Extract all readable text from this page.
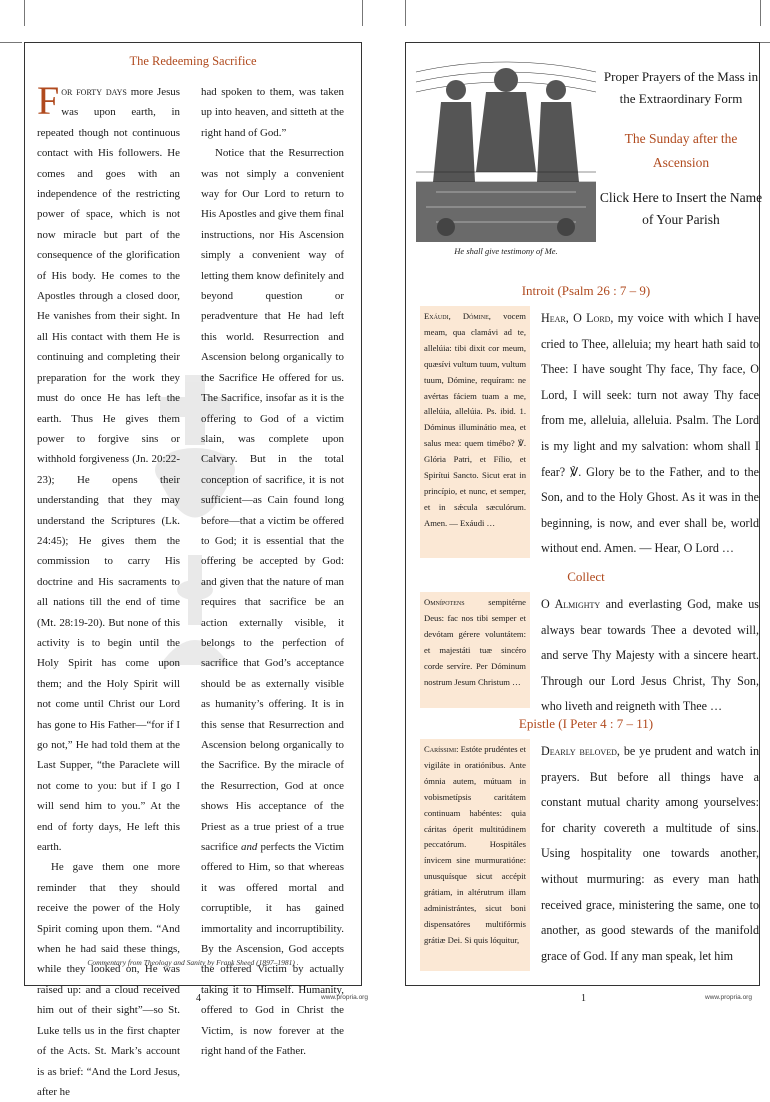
The Redeeming Sacrifice

For forty days more Jesus was upon earth, in repeated though not continuous contact with His followers. He comes and goes with an independence of the restricting power of space, which is not now miracle but part of the consequence of the glorification of His body. He comes to the Apostles through a closed door, He vanishes from their sight. In all His contact with them He is continuing and completing their preparation for the work they must do once He has left the earth. Thus He gives them power to forgive sins or withhold forgiveness (Jn. 20:22-23); He opens their understanding that they may understand the Scriptures (Lk. 24:45); He gives them the commission to carry His doctrine and His sacraments to all nations till the end of time (Mt. 28:19-20). But none of this activity is to begin until the Holy Spirit has come upon them; and the Holy Spirit will not come until Christ our Lord has gone to His Father—“for if I go not,” He had told them at the Last Supper, “the Paraclete will not come to you: but if I go I will send him to you.” At the end of forty days, He left this earth.

He gave them one more reminder that they should receive the power of the Holy Spirit coming upon them. “And when he had said these things, while they looked on, He was raised up: and a cloud received him out of their sight”—so St. Luke tells us in the first chapter of the Acts. St. Mark’s account is as brief: “And the Lord Jesus, after he

had spoken to them, was taken up into heaven, and sitteth at the right hand of God.”

Notice that the Resurrection was not simply a convenient way for Our Lord to return to His Apostles and give them final instructions, nor His Ascension simply a convenient way of letting them know definitely and beyond question or peradventure that He had left this world. Resurrection and Ascension belong organically to the Sacrifice He offered for us. The Sacrifice, insofar as it is the offering to God of a victim slain, was complete upon Calvary. But in the total conception of sacrifice, it is not sufficient—as Cain found long before—that a victim be offered to God; it is essential that the offering be accepted by God: and given that the nature of man requires that sacrifice be an action externally visible, it belongs to the perfection of sacrifice that God’s acceptance should be as externally visible as humanity’s offering. It is in this sense that Resurrection and Ascension belong organically to the Sacrifice. By the miracle of the Resurrection, God at once shows His acceptance of the Priest as a true priest of a true sacrifice and perfects the Victim offered to Him, so that whereas it was offered mortal and corruptible, it has gained immortality and incorruptibility. By the Ascension, God accepts the offered Victim by actually taking it to Himself. Humanity, offered to God in Christ the Victim, is now forever at the right hand of the Father.

Commentary from Theology and Sanity by Frank Sheed (1897–1981) .
4	www.propria.org
He shall give testimony of Me.
Proper Prayers of the Mass in the Extraordinary Form
The Sunday after the Ascension
Click Here to Insert the Name of Your Parish
Introit (Psalm 26 : 7 – 9)
Exáudi, Dómine, vocem meam, qua clamávi ad te, allelúia: tibi dixit cor meum, quæsívi vultum tuum, vultum tuum, Dómine, requíram: ne avértas fáciem tuam a me, allelúia, allelúia. Ps. ibid. 1. Dóminus illuminátio mea, et salus mea: quem timébo? ℣. Glória Patri, et Fílio, et Spirítui Sancto. Sicut erat in princípio, et nunc, et semper, et in sǽcula sæculórum. Amen. — Exáudi …
Hear, O Lord, my voice with which I have cried to Thee, alleluia; my heart hath said to Thee: I have sought Thy face, Thy face, O Lord, I will seek: turn not away Thy face from me, alleluia, alleluia. Psalm. The Lord is my light and my salvation: whom shall I fear? ℣. Glory be to the Father, and to the Son, and to the Holy Ghost. As it was in the beginning, is now, and ever shall be, world without end. Amen. — Hear, O Lord …
Collect
Omnípotens sempitérne Deus: fac nos tibi semper et devótam gérere voluntátem: et majestáti tuæ sincéro corde servíre. Per Dóminum nostrum Jesum Christum …
O Almighty and everlasting God, make us always bear towards Thee a devoted will, and serve Thy Majesty with a sincere heart. Through our Lord Jesus Christ, Thy Son, who liveth and reigneth with Thee …
Epistle (I Peter 4 : 7 – 11)
Caríssimi: Estóte prudéntes et vigiláte in oratiónibus. Ante ómnia autem, mútuam in vobismetípsis caritátem continuam habéntes: quia cáritas óperit multitúdinem peccatórum. Hospitáles ínvicem sine murmuratióne: unusquísque sicut accépit grátiam, in altérutrum illam administrántes, sicut boni dispensatóres multifórmis grátiæ Dei. Si quis lóquitur,
Dearly beloved, be ye prudent and watch in prayers. But before all things have a constant mutual charity among yourselves: for charity covereth a multitude of sins. Using hospitality one towards another, without murmuring: as every man hath received grace, ministering the same, one to another, as good stewards of the manifold grace of God. If any man speak, let him
1	www.propria.org
